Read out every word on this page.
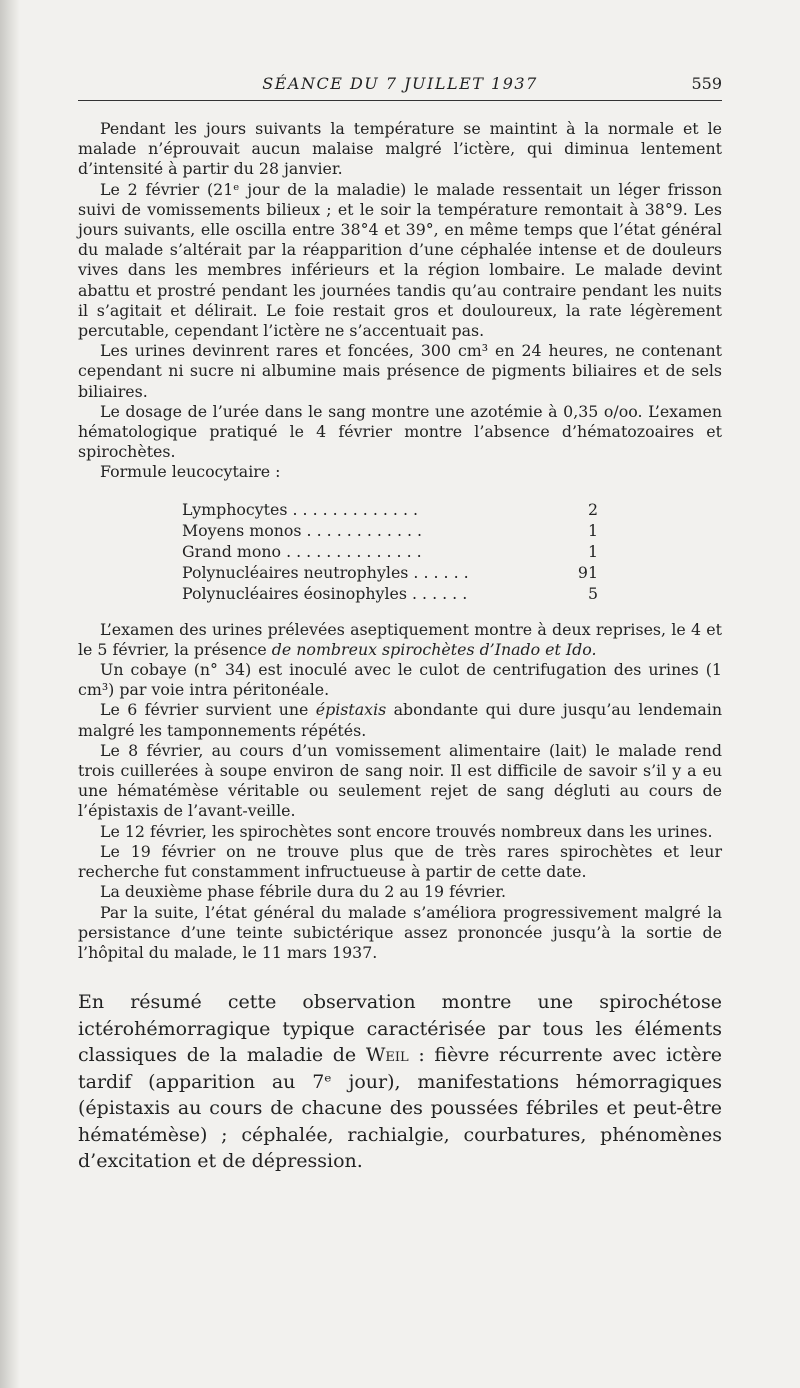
SÉANCE DU 7 JUILLET 1937	559

Pendant les jours suivants la température se maintint à la normale et le malade n’éprouvait aucun malaise malgré l’ictère, qui diminua lentement d’intensité à partir du 28 janvier.

Le 2 février (21ᵉ jour de la maladie) le malade ressentait un léger frisson suivi de vomissements bilieux ; et le soir la température remontait à 38°9. Les jours suivants, elle oscilla entre 38°4 et 39°, en même temps que l’état général du malade s’altérait par la réapparition d’une céphalée intense et de douleurs vives dans les membres inférieurs et la région lombaire. Le malade devint abattu et prostré pendant les journées tandis qu’au contraire pendant les nuits il s’agitait et délirait. Le foie restait gros et douloureux, la rate légèrement percutable, cependant l’ictère ne s’accentuait pas.

Les urines devinrent rares et foncées, 300 cm³ en 24 heures, ne contenant cependant ni sucre ni albumine mais présence de pigments biliaires et de sels biliaires.

Le dosage de l’urée dans le sang montre une azotémie à 0,35 o/oo. L’examen hématologique pratiqué le 4 février montre l’absence d’hématozoaires et spirochètes.

Formule leucocytaire :

Lymphocytes . . . . . . . . . . . . .	2
Moyens monos . . . . . . . . . . . .	1
Grand mono . . . . . . . . . . . . . .	1
Polynucléaires neutrophyles . . . . . .	91
Polynucléaires éosinophyles . . . . . .	5

L’examen des urines prélevées aseptiquement montre à deux reprises, le 4 et le 5 février, la présence de nombreux spirochètes d’Inado et Ido.

Un cobaye (n° 34) est inoculé avec le culot de centrifugation des urines (1 cm³) par voie intra péritonéale.

Le 6 février survient une épistaxis abondante qui dure jusqu’au lendemain malgré les tamponnements répétés.

Le 8 février, au cours d’un vomissement alimentaire (lait) le malade rend trois cuillerées à soupe environ de sang noir. Il est difficile de savoir s’il y a eu une hématémèse véritable ou seulement rejet de sang dégluti au cours de l’épistaxis de l’avant-veille.

Le 12 février, les spirochètes sont encore trouvés nombreux dans les urines.

Le 19 février on ne trouve plus que de très rares spirochètes et leur recherche fut constamment infructueuse à partir de cette date.

La deuxième phase fébrile dura du 2 au 19 février.

Par la suite, l’état général du malade s’améliora progressivement malgré la persistance d’une teinte subictérique assez prononcée jusqu’à la sortie de l’hôpital du malade, le 11 mars 1937.

En résumé cette observation montre une spirochétose ictérohémorragique typique caractérisée par tous les éléments classiques de la maladie de Weil : fièvre récurrente avec ictère tardif (apparition au 7ᵉ jour), manifestations hémorragiques (épistaxis au cours de chacune des poussées fébriles et peut-être hématémèse) ; céphalée, rachialgie, courbatures, phénomènes d’excitation et de dépression.
